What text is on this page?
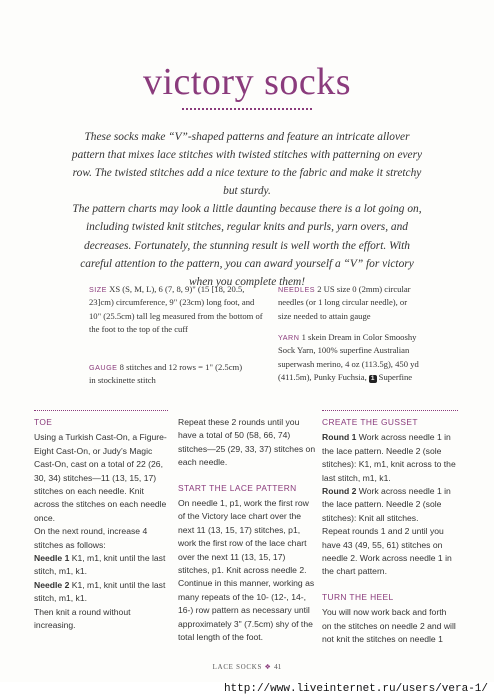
victory socks

These socks make “V”-shaped patterns and feature an intricate allover pattern that mixes lace stitches with twisted stitches with patterning on every row. The twisted stitches add a nice texture to the fabric and make it stretchy but sturdy.

The pattern charts may look a little daunting because there is a lot going on, including twisted knit stitches, regular knits and purls, yarn overs, and decreases. Fortunately, the stunning result is well worth the effort. With careful attention to the pattern, you can award yourself a “V” for victory when you complete them!

SIZE XS (S, M, L), 6 (7, 8, 9)" (15 [18, 20.5, 23]cm) circumference, 9" (23cm) long foot, and 10" (25.5cm) tall leg measured from the bottom of the foot to the top of the cuff
GAUGE 8 stitches and 12 rows = 1" (2.5cm) in stockinette stitch
NEEDLES 2 US size 0 (2mm) circular needles (or 1 long circular needle), or size needed to attain gauge
YARN 1 skein Dream in Color Smooshy Sock Yarn, 100% superfine Australian superwash merino, 4 oz (113.5g), 450 yd (411.5m), Punky Fuchsia, 1 Superfine
TOE

Using a Turkish Cast-On, a Figure-Eight Cast-On, or Judy’s Magic Cast-On, cast on a total of 22 (26, 30, 34) stitches—11 (13, 15, 17) stitches on each needle. Knit across the stitches on each needle once.

On the next round, increase 4 stitches as follows:

Needle 1 K1, m1, knit until the last stitch, m1, k1.

Needle 2 K1, m1, knit until the last stitch, m1, k1.

Then knit a round without increasing.

Repeat these 2 rounds until you have a total of 50 (58, 66, 74) stitches—25 (29, 33, 37) stitches on each needle.

START THE LACE PATTERN

On needle 1, p1, work the first row of the Victory lace chart over the next 11 (13, 15, 17) stitches, p1, work the first row of the lace chart over the next 11 (13, 15, 17) stitches, p1. Knit across needle 2. Continue in this manner, working as many repeats of the 10- (12-, 14-, 16-) row pattern as necessary until approximately 3" (7.5cm) shy of the total length of the foot.

CREATE THE GUSSET

Round 1 Work across needle 1 in the lace pattern. Needle 2 (sole stitches): K1, m1, knit across to the last stitch, m1, k1.

Round 2 Work across needle 1 in the lace pattern. Needle 2 (sole stitches): Knit all stitches.

Repeat rounds 1 and 2 until you have 43 (49, 55, 61) stitches on needle 2. Work across needle 1 in the chart pattern.

TURN THE HEEL

You will now work back and forth on the stitches on needle 2 and will not knit the stitches on needle 1

LACE SOCKS ❖ 41
http://www.liveinternet.ru/users/vera-1/
